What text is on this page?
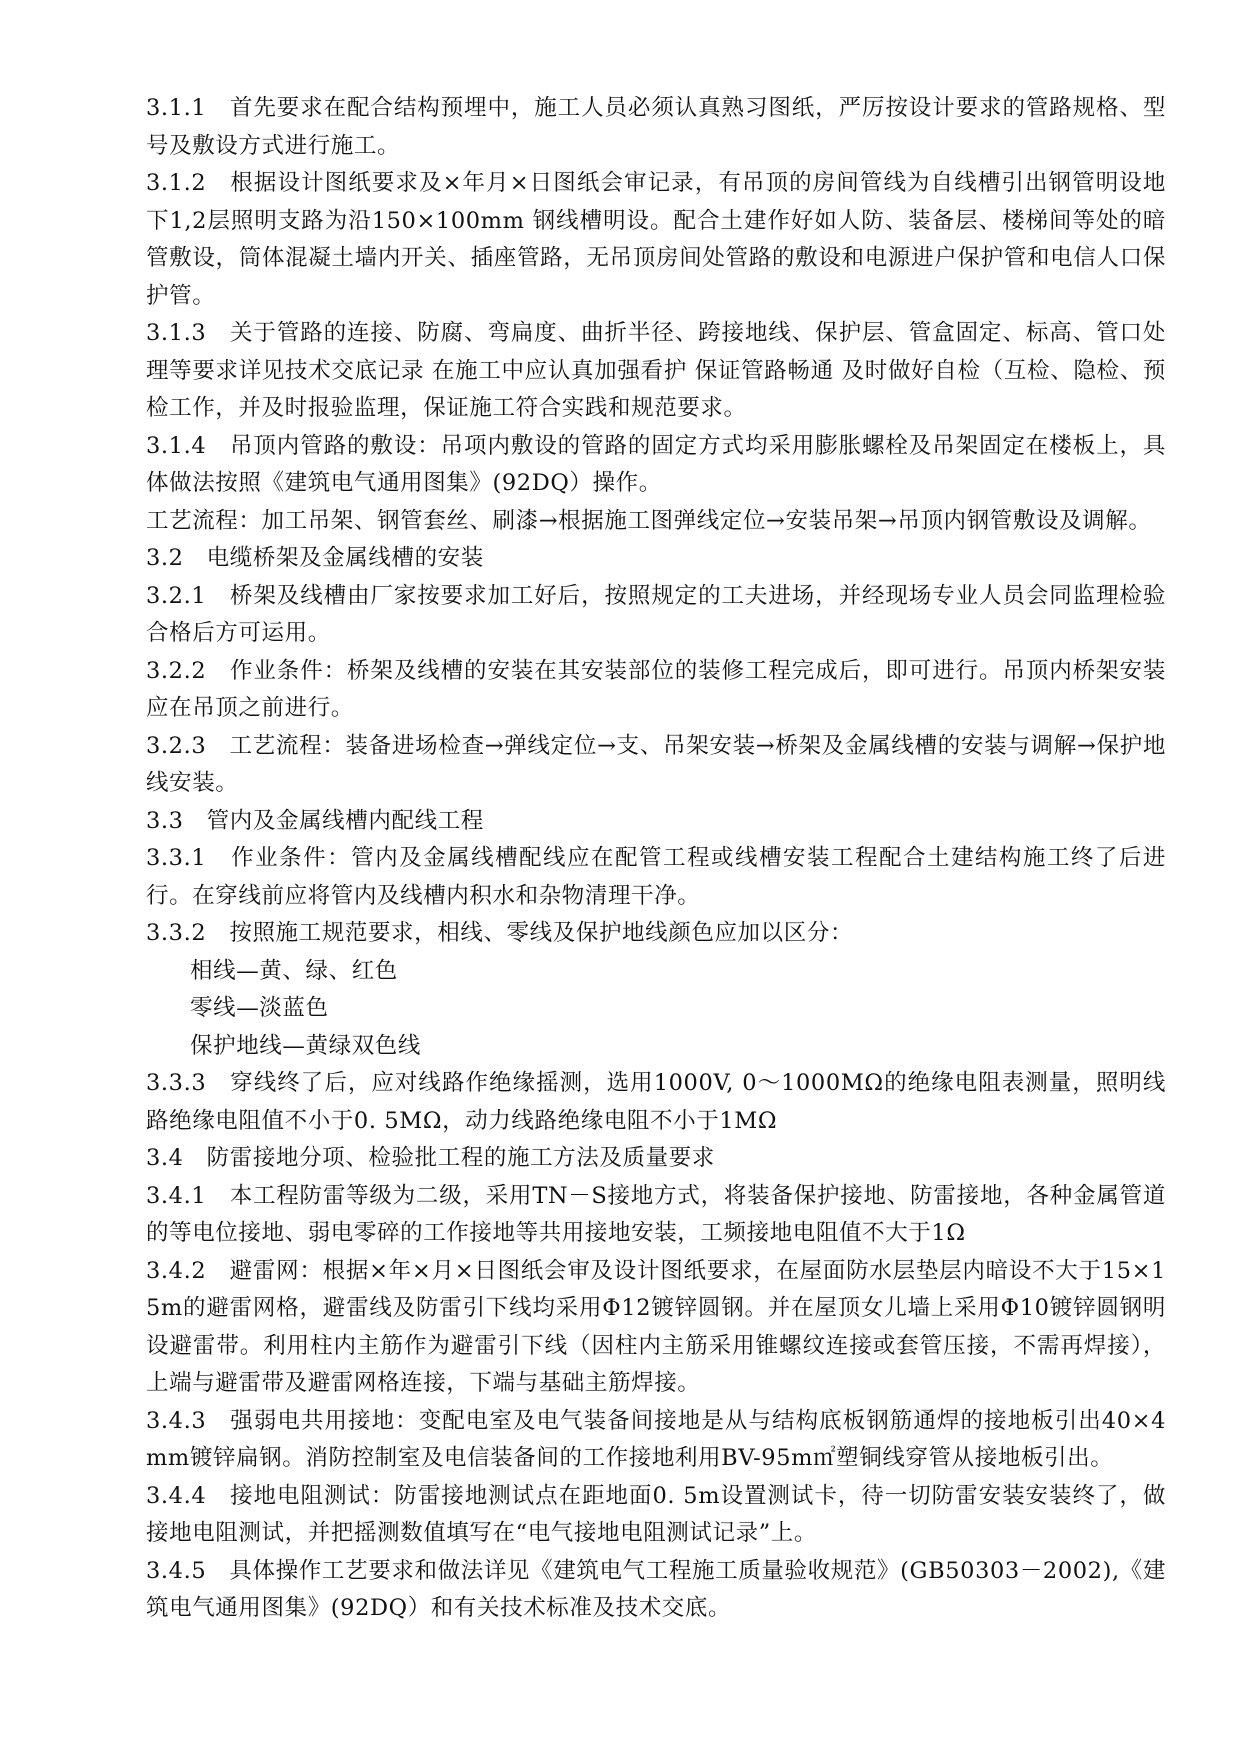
3.1.1　首先要求在配合结构预埋中，施工人员必须认真熟习图纸，严厉按设计要求的管路规格、型号及敷设方式进行施工。

3.1.2　根据设计图纸要求及×年月×日图纸会审记录，有吊顶的房间管线为自线槽引出钢管明设地下1,2层照明支路为沿150×100mm 钢线槽明设。配合土建作好如人防、装备层、楼梯间等处的暗管敷设，筒体混凝土墙内开关、插座管路，无吊顶房间处管路的敷设和电源进户保护管和电信人口保护管。

3.1.3　关于管路的连接、防腐、弯扁度、曲折半径、跨接地线、保护层、管盒固定、标高、管口处理等要求详见技术交底记录 在施工中应认真加强看护 保证管路畅通 及时做好自检（互检、隐检、预检工作，并及时报验监理，保证施工符合实践和规范要求。

3.1.4　吊顶内管路的敷设：吊项内敷设的管路的固定方式均采用膨胀螺栓及吊架固定在楼板上，具体做法按照《建筑电气通用图集》(92DQ）操作。

工艺流程：加工吊架、钢管套丝、刷漆→根据施工图弹线定位→安装吊架→吊顶内钢管敷设及调解。

3.2　电缆桥架及金属线槽的安装

3.2.1　桥架及线槽由厂家按要求加工好后，按照规定的工夫进场，并经现场专业人员会同监理检验合格后方可运用。

3.2.2　作业条件：桥架及线槽的安装在其安装部位的装修工程完成后，即可进行。吊顶内桥架安装应在吊顶之前进行。

3.2.3　工艺流程：装备进场检查→弹线定位→支、吊架安装→桥架及金属线槽的安装与调解→保护地线安装。

3.3　管内及金属线槽内配线工程

3.3.1　作业条件：管内及金属线槽配线应在配管工程或线槽安装工程配合土建结构施工终了后进行。在穿线前应将管内及线槽内积水和杂物清理干净。

3.3.2　按照施工规范要求，相线、零线及保护地线颜色应加以区分：

相线—黄、绿、红色

零线—淡蓝色

保护地线—黄绿双色线

3.3.3　穿线终了后，应对线路作绝缘摇测，选用1000V, 0～1000MΩ的绝缘电阻表测量，照明线路绝缘电阻值不小于0. 5MΩ，动力线路绝缘电阻不小于1MΩ

3.4　防雷接地分项、检验批工程的施工方法及质量要求

3.4.1　本工程防雷等级为二级，采用TN－S接地方式，将装备保护接地、防雷接地，各种金属管道的等电位接地、弱电零碎的工作接地等共用接地安装，工频接地电阻值不大于1Ω

3.4.2　避雷网：根据×年×月×日图纸会审及设计图纸要求，在屋面防水层垫层内暗设不大于15×15m的避雷网格，避雷线及防雷引下线均采用Φ12镀锌圆钢。并在屋顶女儿墙上采用Φ10镀锌圆钢明设避雷带。利用柱内主筋作为避雷引下线（因柱内主筋采用锥螺纹连接或套管压接，不需再焊接），上端与避雷带及避雷网格连接，下端与基础主筋焊接。

3.4.3　强弱电共用接地：变配电室及电气装备间接地是从与结构底板钢筋通焊的接地板引出40×4mm镀锌扁钢。消防控制室及电信装备间的工作接地利用BV-95m㎡塑铜线穿管从接地板引出。

3.4.4　接地电阻测试：防雷接地测试点在距地面0. 5m设置测试卡，待一切防雷安装安装终了，做接地电阻测试，并把摇测数值填写在“电气接地电阻测试记录”上。

3.4.5　具体操作工艺要求和做法详见《建筑电气工程施工质量验收规范》(GB50303－2002),《建筑电气通用图集》(92DQ）和有关技术标准及技术交底。
